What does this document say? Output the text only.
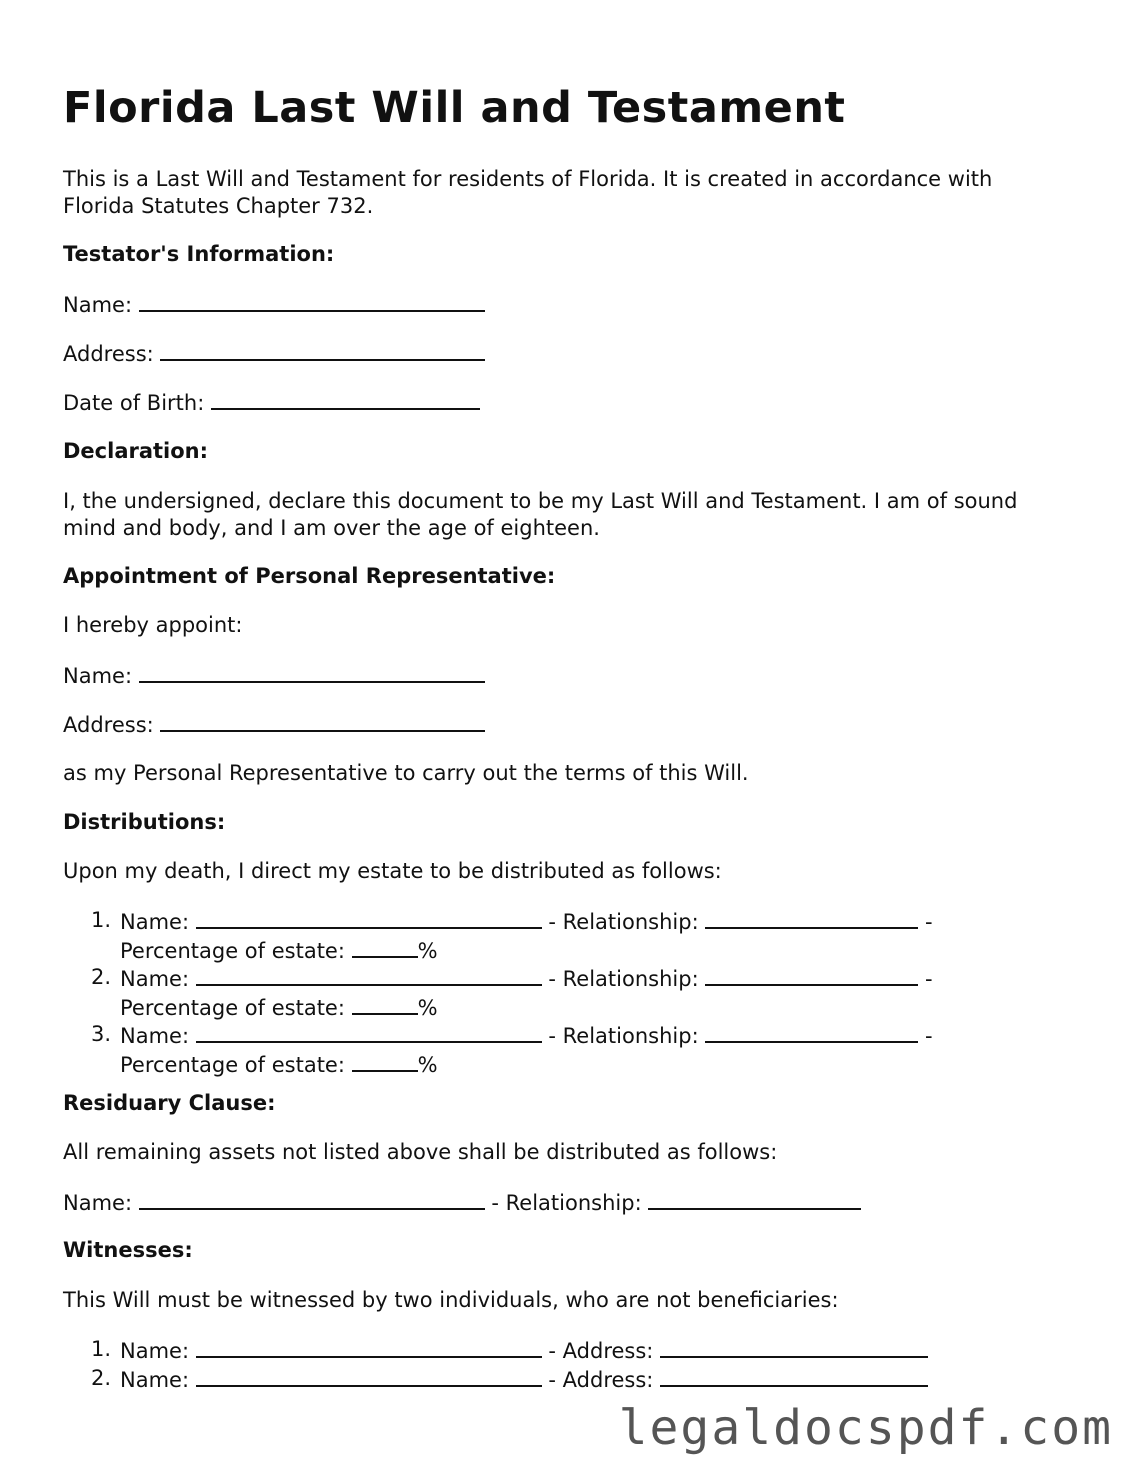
Florida Last Will and Testament

This is a Last Will and Testament for residents of Florida. It is created in accordance with
Florida Statutes Chapter 732.

Testator's Information:
Name:
Address:
Date of Birth:
Declaration:

I, the undersigned, declare this document to be my Last Will and Testament. I am of sound
mind and body, and I am over the age of eighteen.

Appointment of Personal Representative:
I hereby appoint:
Name:
Address:
as my Personal Representative to carry out the terms of this Will.
Distributions:
Upon my death, I direct my estate to be distributed as follows:
1. Name:	- Relationship:	-
Percentage of estate:	%
2. Name:	- Relationship:	-
Percentage of estate:	%
3. Name:	- Relationship:	-
Percentage of estate:	%
Residuary Clause:
All remaining assets not listed above shall be distributed as follows:
Name:	- Relationship:
Witnesses:
This Will must be witnessed by two individuals, who are not beneficiaries:
1. Name:	- Address:
2. Name:	- Address:
legaldocspdf.com
